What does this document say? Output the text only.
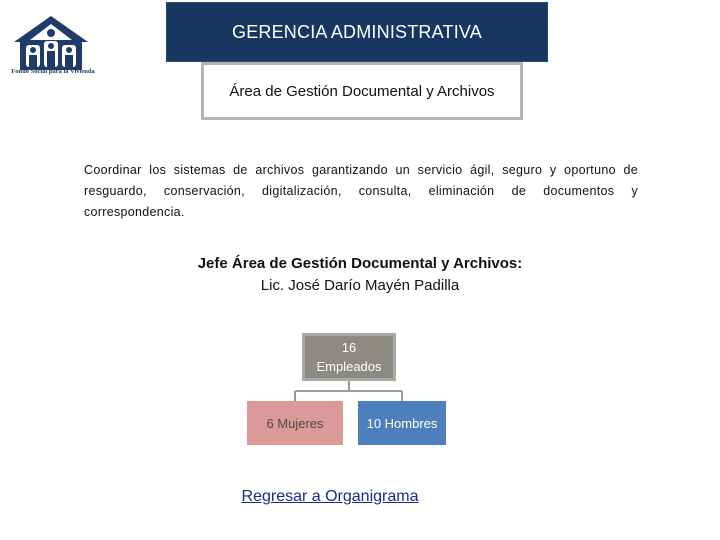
Fondo Social para la Vivienda
GERENCIA ADMINISTRATIVA
Área de Gestión Documental y Archivos
Coordinar los sistemas de archivos garantizando un servicio ágil, seguro y oportuno de resguardo, conservación, digitalización, consulta, eliminación de documentos y correspondencia.
Jefe Área de Gestión Documental y Archivos:
Lic. José Darío Mayén Padilla
16
Empleados
6 Mujeres	10 Hombres
Regresar a Organigrama
